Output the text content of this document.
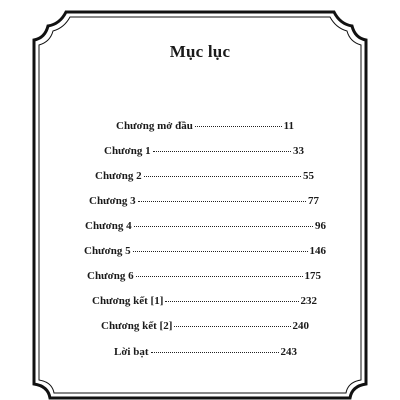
Mục lục
Chương mở đầu	11
Chương 1	33
Chương 2	55
Chương 3	77
Chương 4	96
Chương 5	146
Chương 6	175
Chương kết [1]	232
Chương kết [2]	240
Lời bạt	243
